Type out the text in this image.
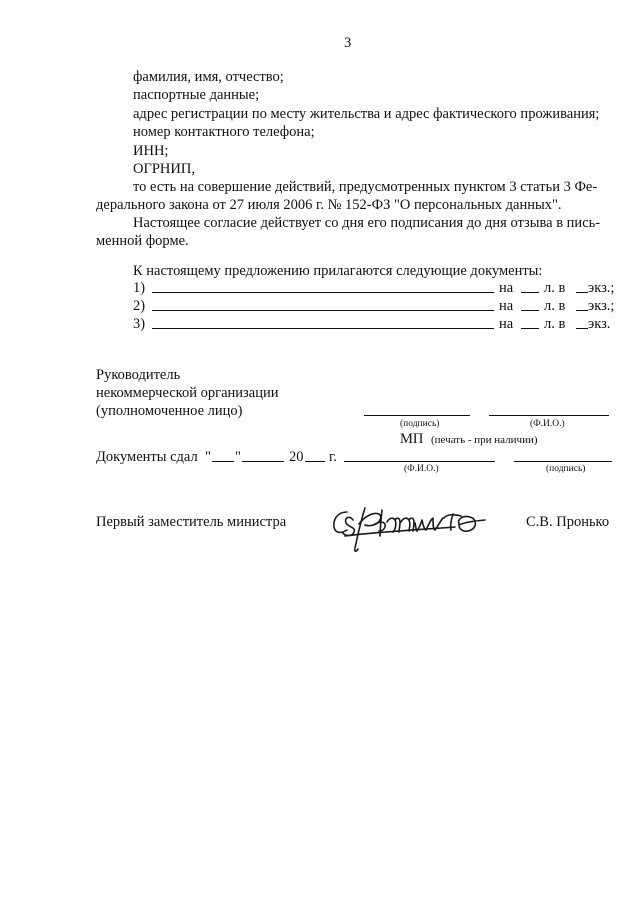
3
фамилия, имя, отчество;
паспортные данные;
адрес регистрации по месту жительства и адрес фактического проживания;
номер контактного телефона;
ИНН;
ОГРНИП,
то есть на совершение действий, предусмотренных пунктом 3 статьи 3 Фе-
дерального закона от 27 июля 2006 г. № 152-ФЗ "О персональных данных".
Настоящее согласие действует со дня его подписания до дня отзыва в пись-
менной форме.
К настоящему предложению прилагаются следующие документы:
1)	на л. в экз.;
2)	на л. в экз.;
3)	на л. в экз.
Руководитель
некоммерческой организации
(уполномоченное лицо)
(подпись)	(Ф.И.О.)
МП (печать - при наличии)
Документы сдал " "	20 г.
(Ф.И.О.)	(подпись)
Первый заместитель министра	С.В. Пронько
